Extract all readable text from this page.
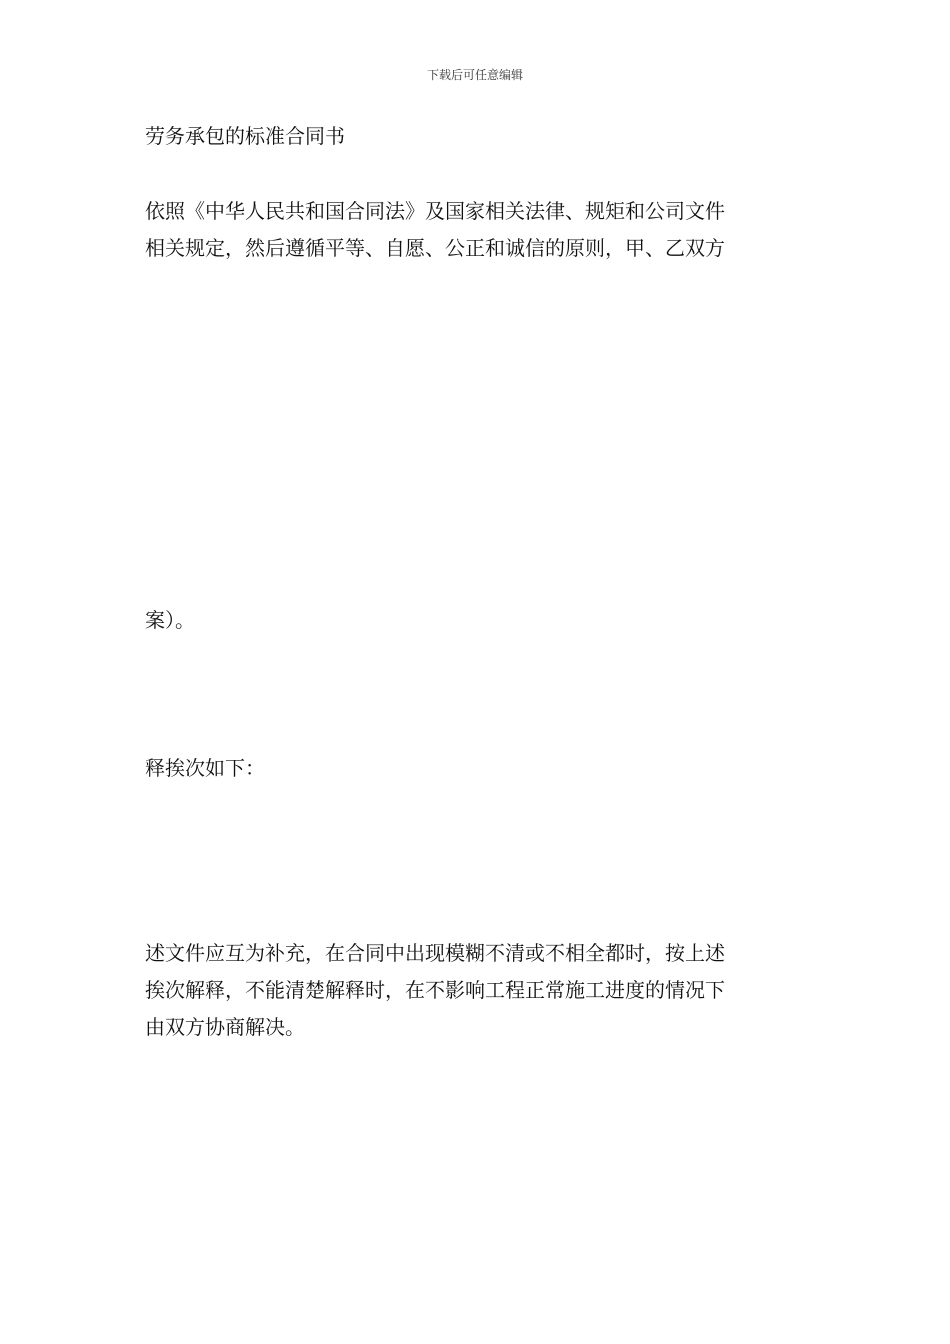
下载后可任意编辑
劳务承包的标准合同书
依照《中华人民共和国合同法》及国家相关法律、规矩和公司文件
相关规定，然后遵循平等、自愿、公正和诚信的原则，甲、乙双方
案）。
释挨次如下：
述文件应互为补充，在合同中出现模糊不清或不相全都时，按上述
挨次解释，不能清楚解释时，在不影响工程正常施工进度的情况下
由双方协商解决。
